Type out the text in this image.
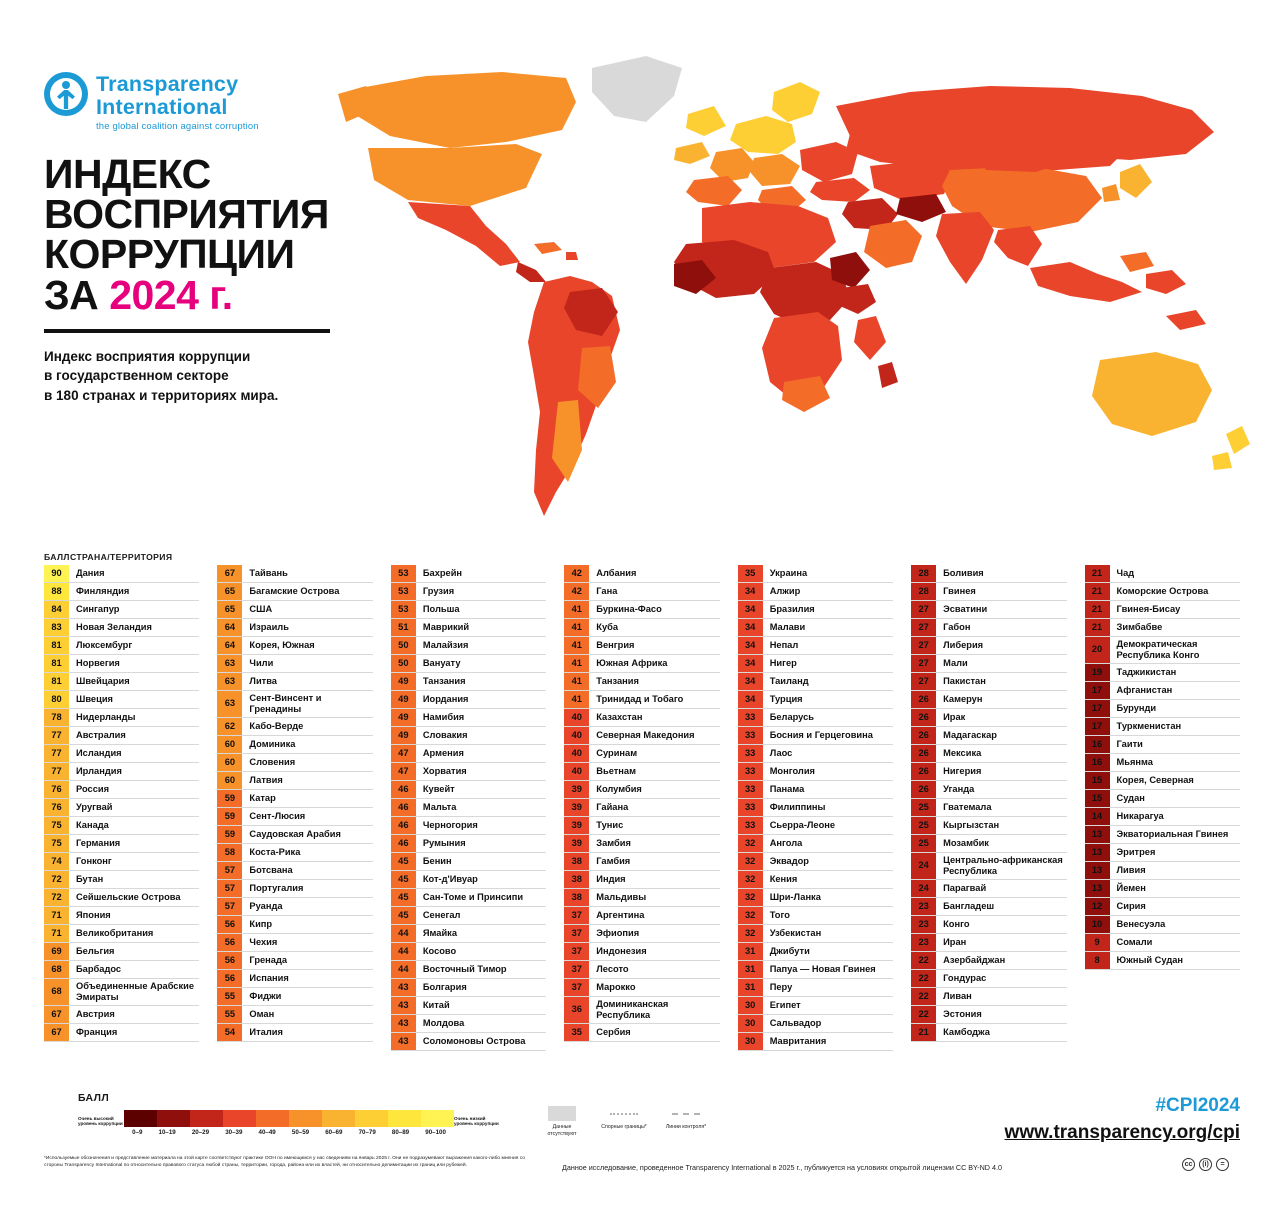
Transparency
International
the global coalition against corruption
ИНДЕКС
ВОСПРИЯТИЯ
КОРРУПЦИИ
ЗА 2024 г.
Индекс восприятия коррупции
в государственном секторе
в 180 странах и территориях мира.
БАЛЛСТРАНА/ТЕРРИТОРИЯ
90	Дания
88	Финляндия
84	Сингапур
83	Новая Зеландия
81	Люксембург
81	Норвегия
81	Швейцария
80	Швеция
78	Нидерланды
77	Австралия
77	Исландия
77	Ирландия
76	Россия
76	Уругвай
75	Канада
75	Германия
74	Гонконг
72	Бутан
72	Сейшельские Острова
71	Япония
71	Великобритания
69	Бельгия
68	Барбадос
68
Объединенные Арабские Эмираты
67	Австрия
67	Франция
67	Тайвань
65	Багамские Острова
65	США
64	Израиль
64	Корея, Южная
63	Чили
63	Литва
63
Сент-Винсент и Гренадины
62	Кабо-Верде
60	Доминика
60	Словения
60	Латвия
59	Катар
59	Сент-Люсия
59	Саудовская Арабия
58	Коста-Рика
57	Ботсвана
57	Португалия
57	Руанда
56	Кипр
56	Чехия
56	Гренада
56	Испания
55	Фиджи
55	Оман
54	Италия
53	Бахрейн
53	Грузия
53	Польша
51	Маврикий
50	Малайзия
50	Вануату
49	Танзания
49	Иордания
49	Намибия
49	Словакия
47	Армения
47	Хорватия
46	Кувейт
46	Мальта
46	Черногория
46	Румыния
45	Бенин
45	Кот-д'Ивуар
45	Сан-Томе и Принсипи
45	Сенегал
44	Ямайка
44	Косово
44	Восточный Тимор
43	Болгария
43	Китай
43	Молдова
43	Соломоновы Острова
42	Албания
42	Гана
41	Буркина-Фасо
41	Куба
41	Венгрия
41	Южная Африка
41	Танзания
41	Тринидад и Тобаго
40	Казахстан
40	Северная Македония
40	Суринам
40	Вьетнам
39	Колумбия
39	Гайана
39	Тунис
39	Замбия
38	Гамбия
38	Индия
38	Мальдивы
37	Аргентина
37	Эфиопия
37	Индонезия
37	Лесото
37	Марокко
36
Доминиканская Республика
35	Сербия
35	Украина
34	Алжир
34	Бразилия
34	Малави
34	Непал
34	Нигер
34	Таиланд
34	Турция
33	Беларусь
33	Босния и Герцеговина
33	Лаос
33	Монголия
33	Панама
33	Филиппины
33	Сьерра-Леоне
32	Ангола
32	Эквадор
32	Кения
32	Шри-Ланка
32	Того
32	Узбекистан
31	Джибути
31	Папуа — Новая Гвинея
31	Перу
30	Египет
30	Сальвадор
30	Мавритания
28	Боливия
28	Гвинея
27	Эсватини
27	Габон
27	Либерия
27	Мали
27	Пакистан
26	Камерун
26	Ирак
26	Мадагаскар
26	Мексика
26	Нигерия
26	Уганда
25	Гватемала
25	Кыргызстан
25	Мозамбик
24
Центрально-африканская Республика
24	Парагвай
23	Бангладеш
23	Конго
23	Иран
22	Азербайджан
22	Гондурас
22	Ливан
22	Эстония
21	Камбоджа
21	Чад
21	Коморские Острова
21	Гвинея-Бисау
21	Зимбабве
20
Демократическая Республика Конго
19	Таджикистан
17	Афганистан
17	Бурунди
17	Туркменистан
16	Гаити
16	Мьянма
15	Корея, Северная
15	Судан
14	Никарагуа
13	Экваториальная Гвинея
13	Эритрея
13	Ливия
13	Йемен
12	Сирия
10	Венесуэла
9	Сомали
8	Южный Судан
БАЛЛ
Очень высокий уровень коррупции
Очень низкий уровень коррупции
0–9	10–19	20–29	30–39	40–49	50–59	60–69	70–79	80–89	90–100
Данные отсутствуют
Спорные границы*	Линии контроля*
*Используемые обозначения и представление материала на этой карте соответствуют практике ООН по имеющимся у нас сведениям на январь 2025 г. Они не подразумевают выражения какого-либо мнения со стороны Transparency International по относительно правового статуса любой страны, территории, города, района или их властей, ни относительно делимитации их границ или рубежей.	Данное исследование, проведенное Transparency International в 2025 г., публикуется на условиях открытой лицензии CC BY-ND 4.0	cc	(i)	=
#CPI2024
www.transparency.org/cpi
